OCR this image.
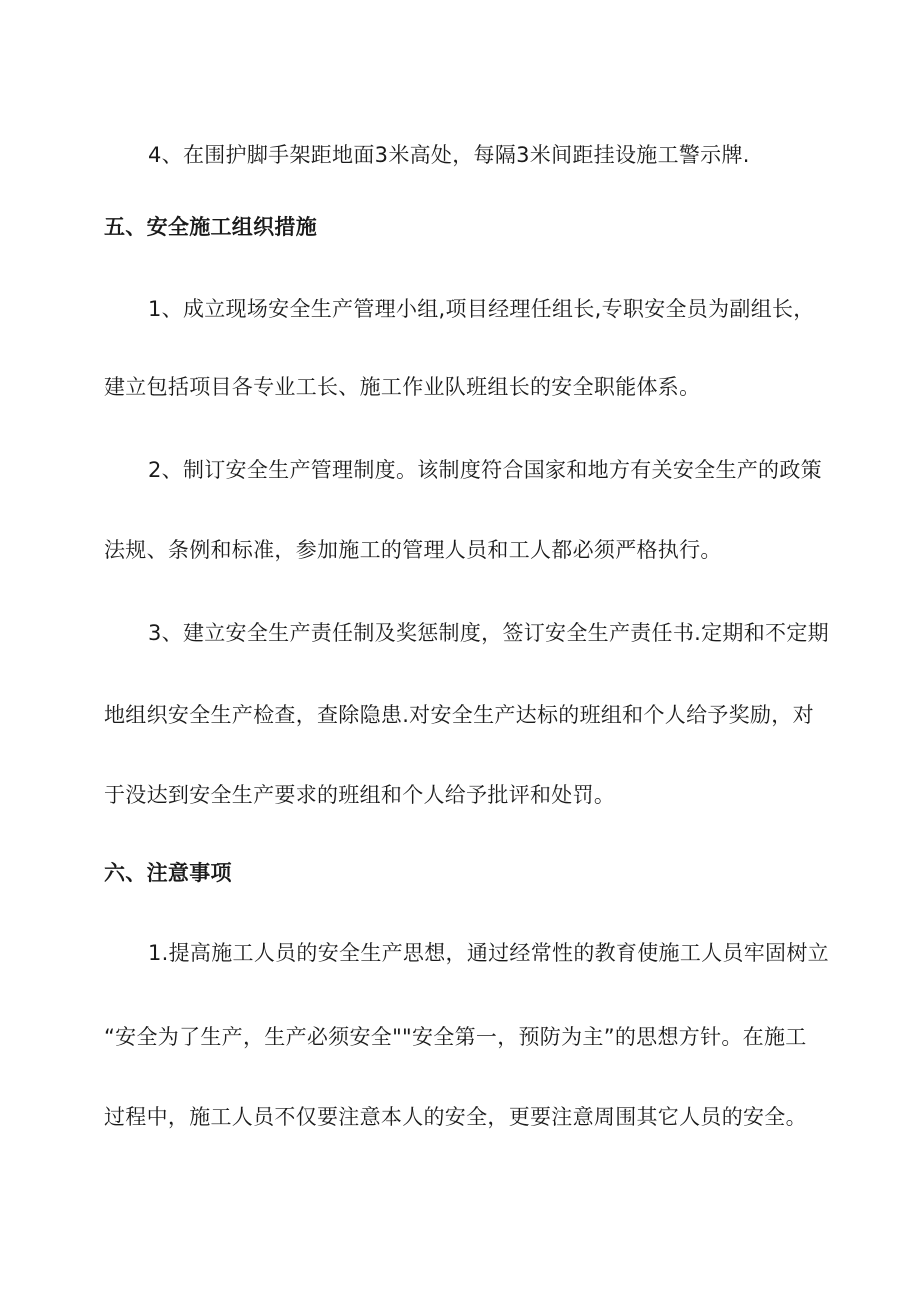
4、在围护脚手架距地面3米高处，每隔3米间距挂设施工警示牌.
五、安全施工组织措施
1、成立现场安全生产管理小组,项目经理任组长,专职安全员为副组长，
建立包括项目各专业工长、施工作业队班组长的安全职能体系。
2、制订安全生产管理制度。该制度符合国家和地方有关安全生产的政策
法规、条例和标准，参加施工的管理人员和工人都必须严格执行。
3、建立安全生产责任制及奖惩制度，签订安全生产责任书.定期和不定期
地组织安全生产检查，查除隐患.对安全生产达标的班组和个人给予奖励，对
于没达到安全生产要求的班组和个人给予批评和处罚。
六、注意事项
1.提高施工人员的安全生产思想，通过经常性的教育使施工人员牢固树立
“安全为了生产，生产必须安全""安全第一，预防为主”的思想方针。在施工
过程中，施工人员不仅要注意本人的安全，更要注意周围其它人员的安全。
